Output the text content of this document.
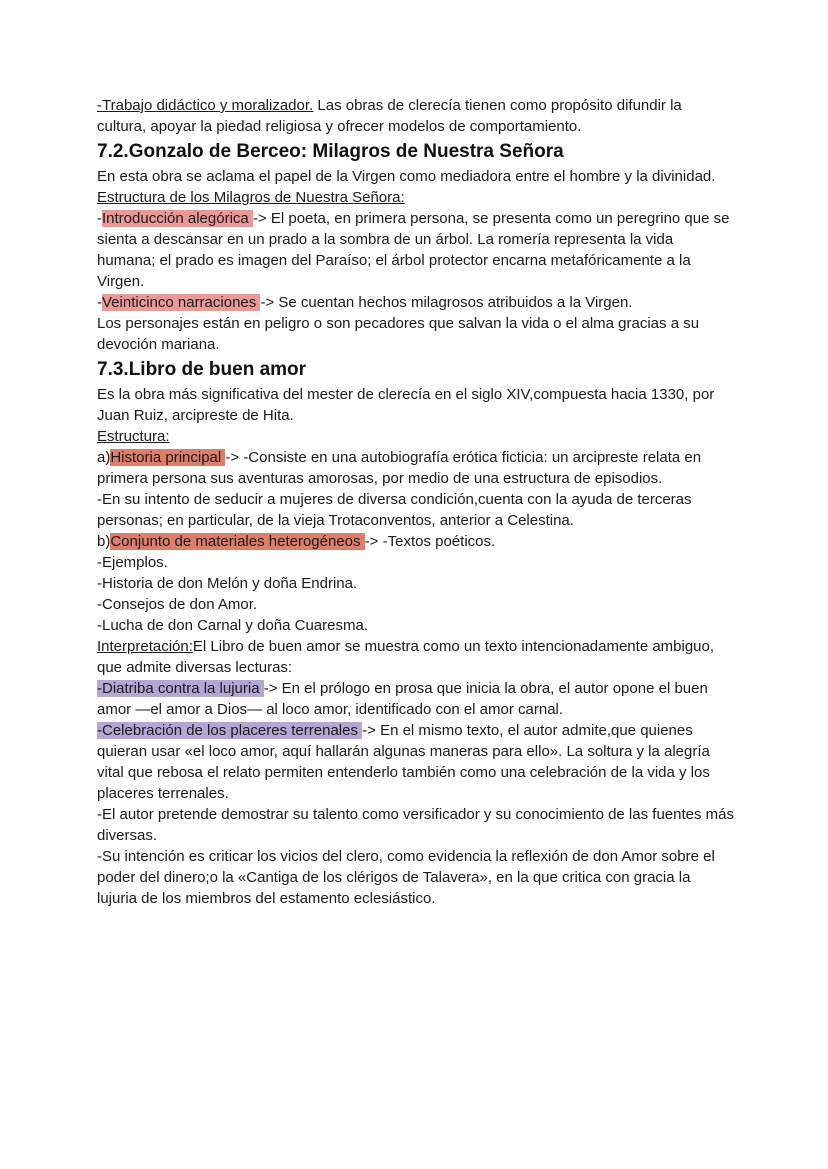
-Trabajo didáctico y moralizador. Las obras de clerecía tienen como propósito difundir la cultura, apoyar la piedad religiosa y ofrecer modelos de comportamiento.

7.2.Gonzalo de Berceo: Milagros de Nuestra Señora

En esta obra se aclama el papel de la Virgen como mediadora entre el hombre y la divinidad.

Estructura de los Milagros de Nuestra Señora:

-Introducción alegórica -> El poeta, en primera persona, se presenta como un peregrino que se sienta a descansar en un prado a la sombra de un árbol. La romería representa la vida humana; el prado es imagen del Paraíso; el árbol protector encarna metafóricamente a la Virgen.

-Veinticinco narraciones -> Se cuentan hechos milagrosos atribuidos a la Virgen.

Los personajes están en peligro o son pecadores que salvan la vida o el alma gracias a su devoción mariana.

7.3.Libro de buen amor

Es la obra más significativa del mester de clerecía en el siglo XIV,compuesta hacia 1330, por Juan Ruiz, arcipreste de Hita.

Estructura:

a)Historia principal -> -Consiste en una autobiografía erótica ficticia: un arcipreste relata en primera persona sus aventuras amorosas, por medio de una estructura de episodios.

-En su intento de seducir a mujeres de diversa condición,cuenta con la ayuda de terceras personas; en particular, de la vieja Trotaconventos, anterior a Celestina.

b)Conjunto de materiales heterogéneos -> -Textos poéticos.

-Ejemplos.

-Historia de don Melón y doña Endrina.

-Consejos de don Amor.

-Lucha de don Carnal y doña Cuaresma.

Interpretación:El Libro de buen amor se muestra como un texto intencionadamente ambiguo, que admite diversas lecturas:

-Diatriba contra la lujuria -> En el prólogo en prosa que inicia la obra, el autor opone el buen amor —el amor a Dios— al loco amor, identificado con el amor carnal.

-Celebración de los placeres terrenales -> En el mismo texto, el autor admite,que quienes quieran usar «el loco amor, aquí hallarán algunas maneras para ello». La soltura y la alegría vital que rebosa el relato permiten entenderlo también como una celebración de la vida y los placeres terrenales.

-El autor pretende demostrar su talento como versificador y su conocimiento de las fuentes más diversas.

-Su intención es criticar los vicios del clero, como evidencia la reflexión de don Amor sobre el poder del dinero;o la «Cantiga de los clérigos de Talavera», en la que critica con gracia la lujuria de los miembros del estamento eclesiástico.
